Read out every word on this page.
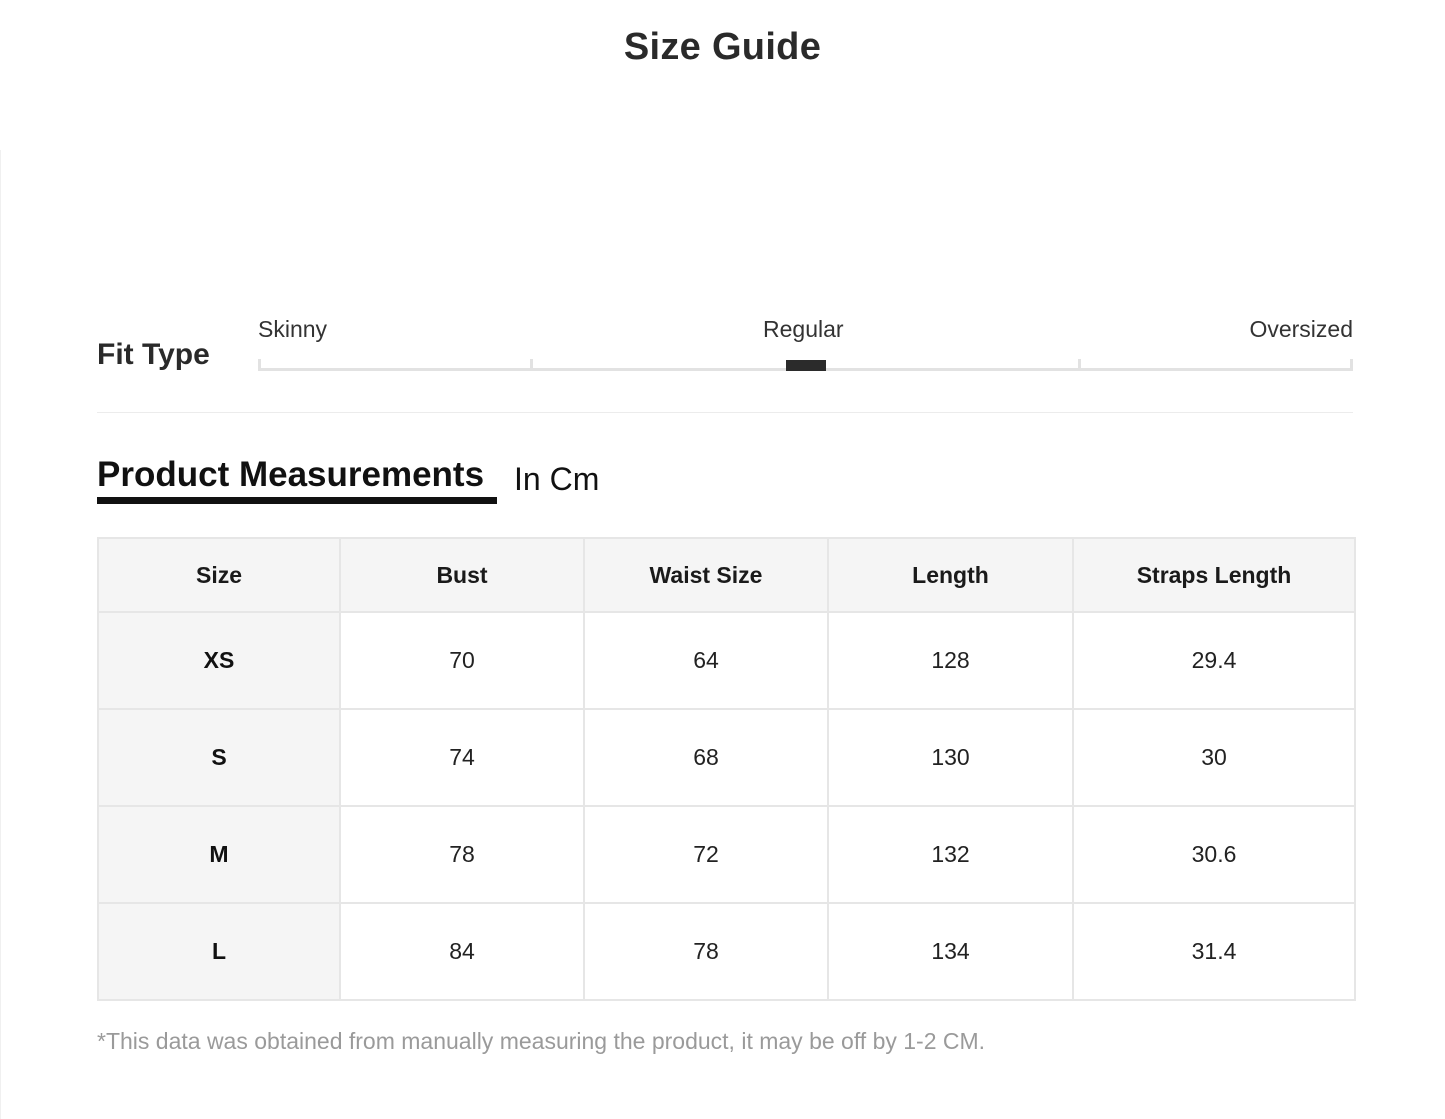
Size Guide
Fit Type
Skinny	Regular	Oversized
Product Measurements In Cm
Size	Bust	Waist Size	Length	Straps Length
XS	70	64	128	29.4
S	74	68	130	30
M	78	72	132	30.6
L	84	78	134	31.4
*This data was obtained from manually measuring the product, it may be off by 1-2 CM.
